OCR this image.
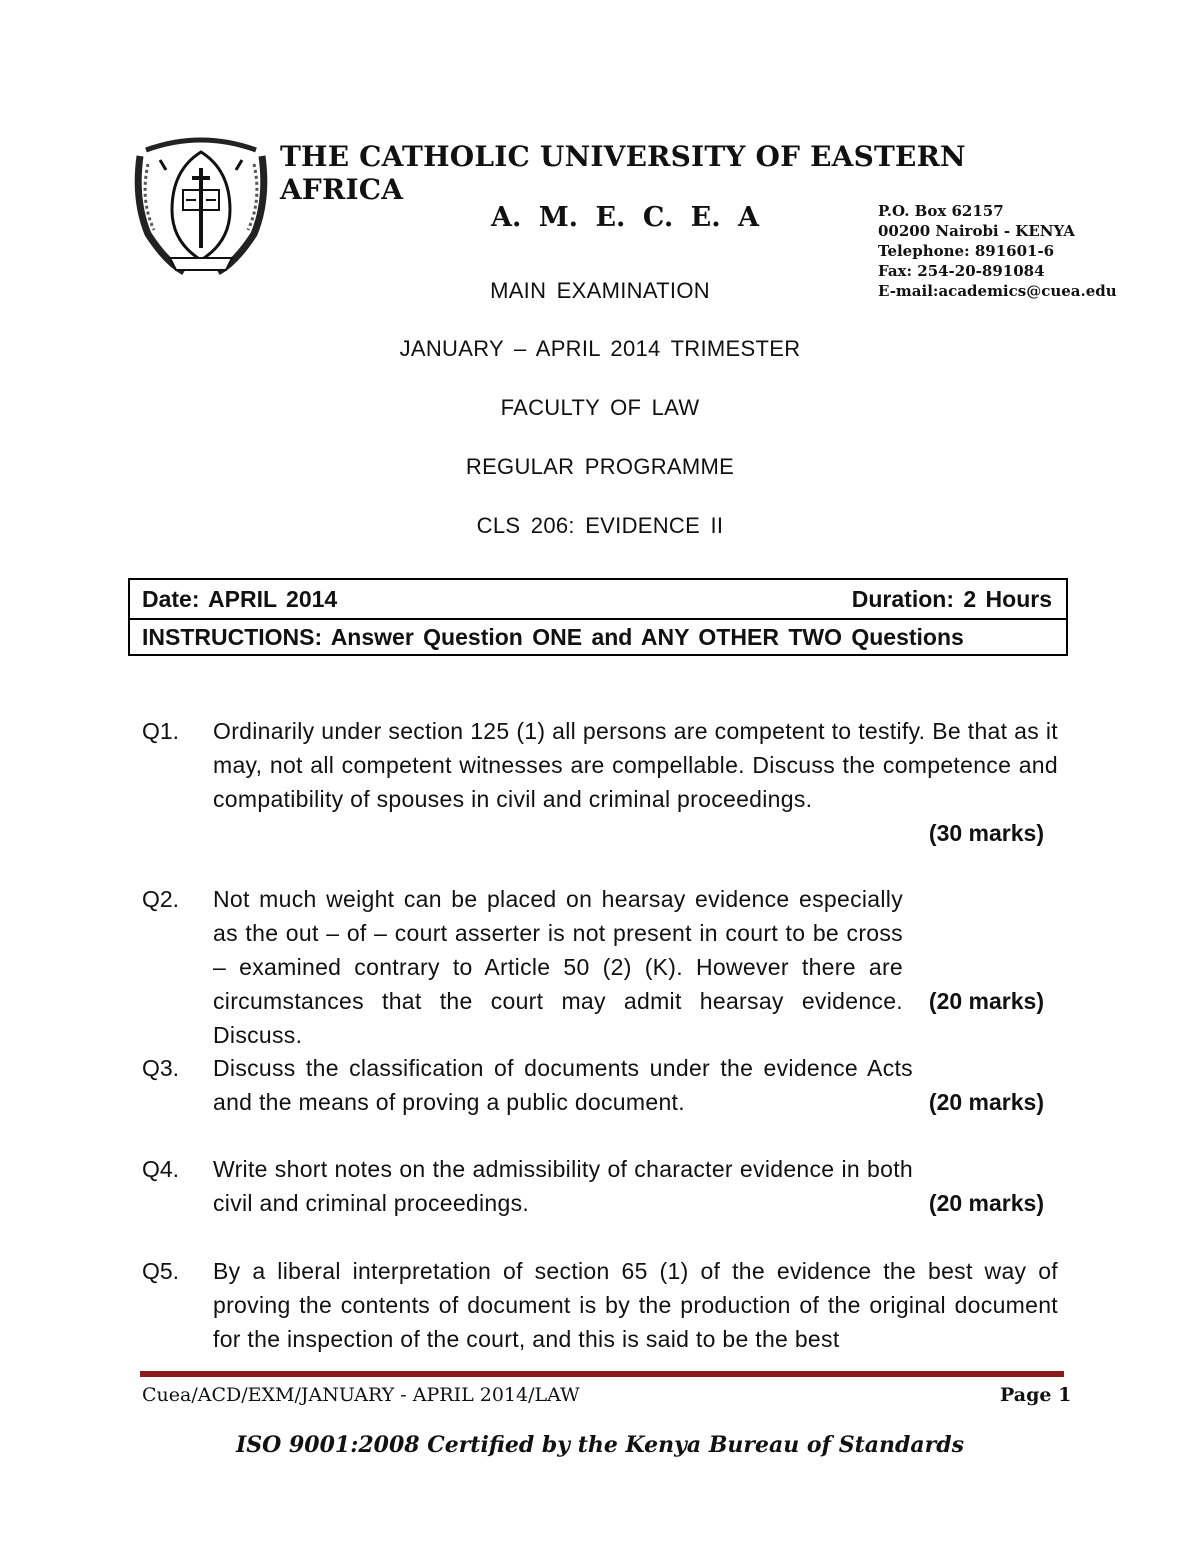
THE CATHOLIC UNIVERSITY OF EASTERN AFRICA
A. M. E. C. E. A	P.O. Box 62157
00200 Nairobi - KENYA
Telephone: 891601-6
Fax: 254-20-891084
E-mail:academics@cuea.edu
MAIN EXAMINATION
JANUARY – APRIL 2014 TRIMESTER
FACULTY OF LAW
REGULAR PROGRAMME
CLS 206: EVIDENCE II
Date: APRIL 2014	Duration: 2 Hours
INSTRUCTIONS: Answer Question ONE and ANY OTHER TWO Questions
Q1. Ordinarily under section 125 (1) all persons are competent to testify. Be that as it may, not all competent witnesses are compellable. Discuss the competence and compatibility of spouses in civil and criminal proceedings.
(30 marks)
Q2. Not much weight can be placed on hearsay evidence especially as the out – of – court asserter is not present in court to be cross – examined contrary to Article 50 (2) (K). However there are circumstances that the court may admit hearsay evidence. Discuss.
(20 marks)
Q3. Discuss the classification of documents under the evidence Acts and the means of proving a public document.	(20 marks)
Q4. Write short notes on the admissibility of character evidence in both civil and criminal proceedings.	(20 marks)
Q5. By a liberal interpretation of section 65 (1) of the evidence the best way of proving the contents of document is by the production of the original document for the inspection of the court, and this is said to be the best
Cuea/ACD/EXM/JANUARY - APRIL 2014/LAW	Page 1
ISO 9001:2008 Certified by the Kenya Bureau of Standards
